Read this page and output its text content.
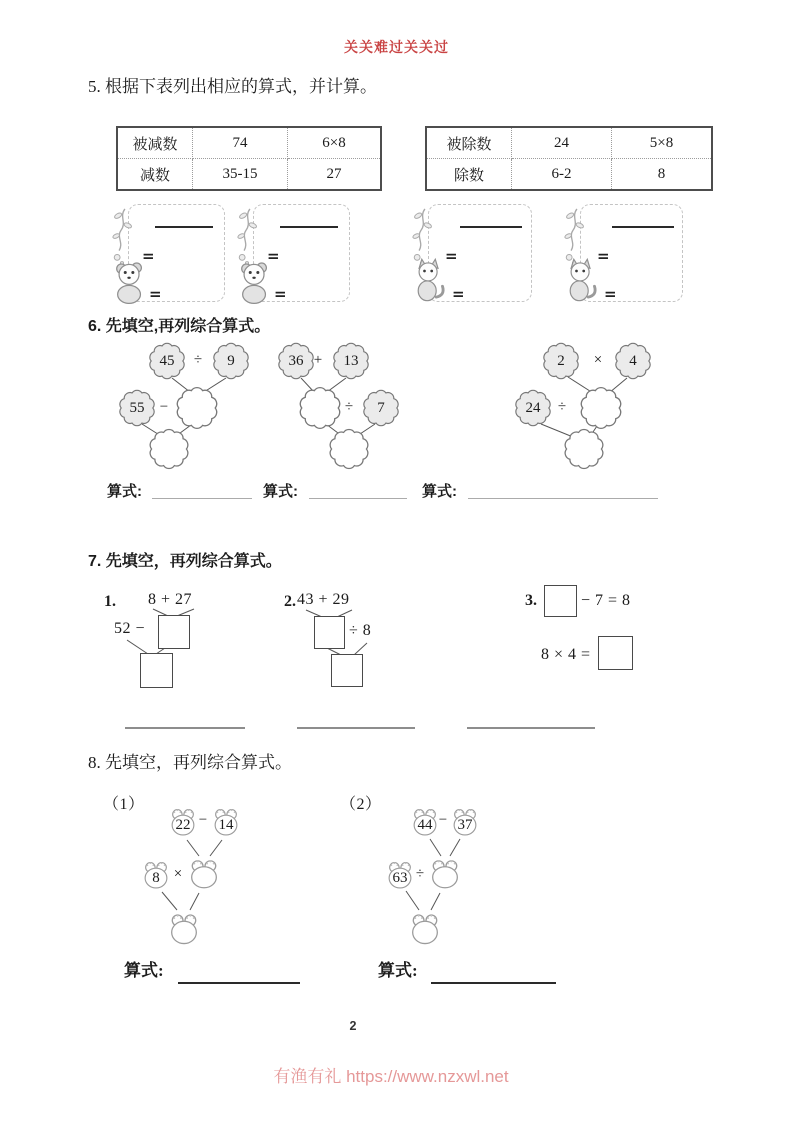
关关难过关关过
5. 根据下表列出相应的算式，并计算。
被减数	74	6×8
减数	35-15	27
被除数	24	5×8
除数	6-2	8
=
=
=
=
=
=
=
=
6. 先填空,再列综合算式。
45	÷	9
55	−
36 +	13
÷	7
2	×	4
24	÷
算式:	算式:	算式:
7. 先填空，再列综合算式。
1. 8 + 27
52 −
2. 43 + 29
÷ 8
3.	− 7 = 8
8 × 4 =
8. 先填空，再列综合算式。
（1）
22 − 14
8 ×
（2）
44 − 37
63 ÷
算式:	算式:
2
有渔有礼 https://www.nzxwl.net
